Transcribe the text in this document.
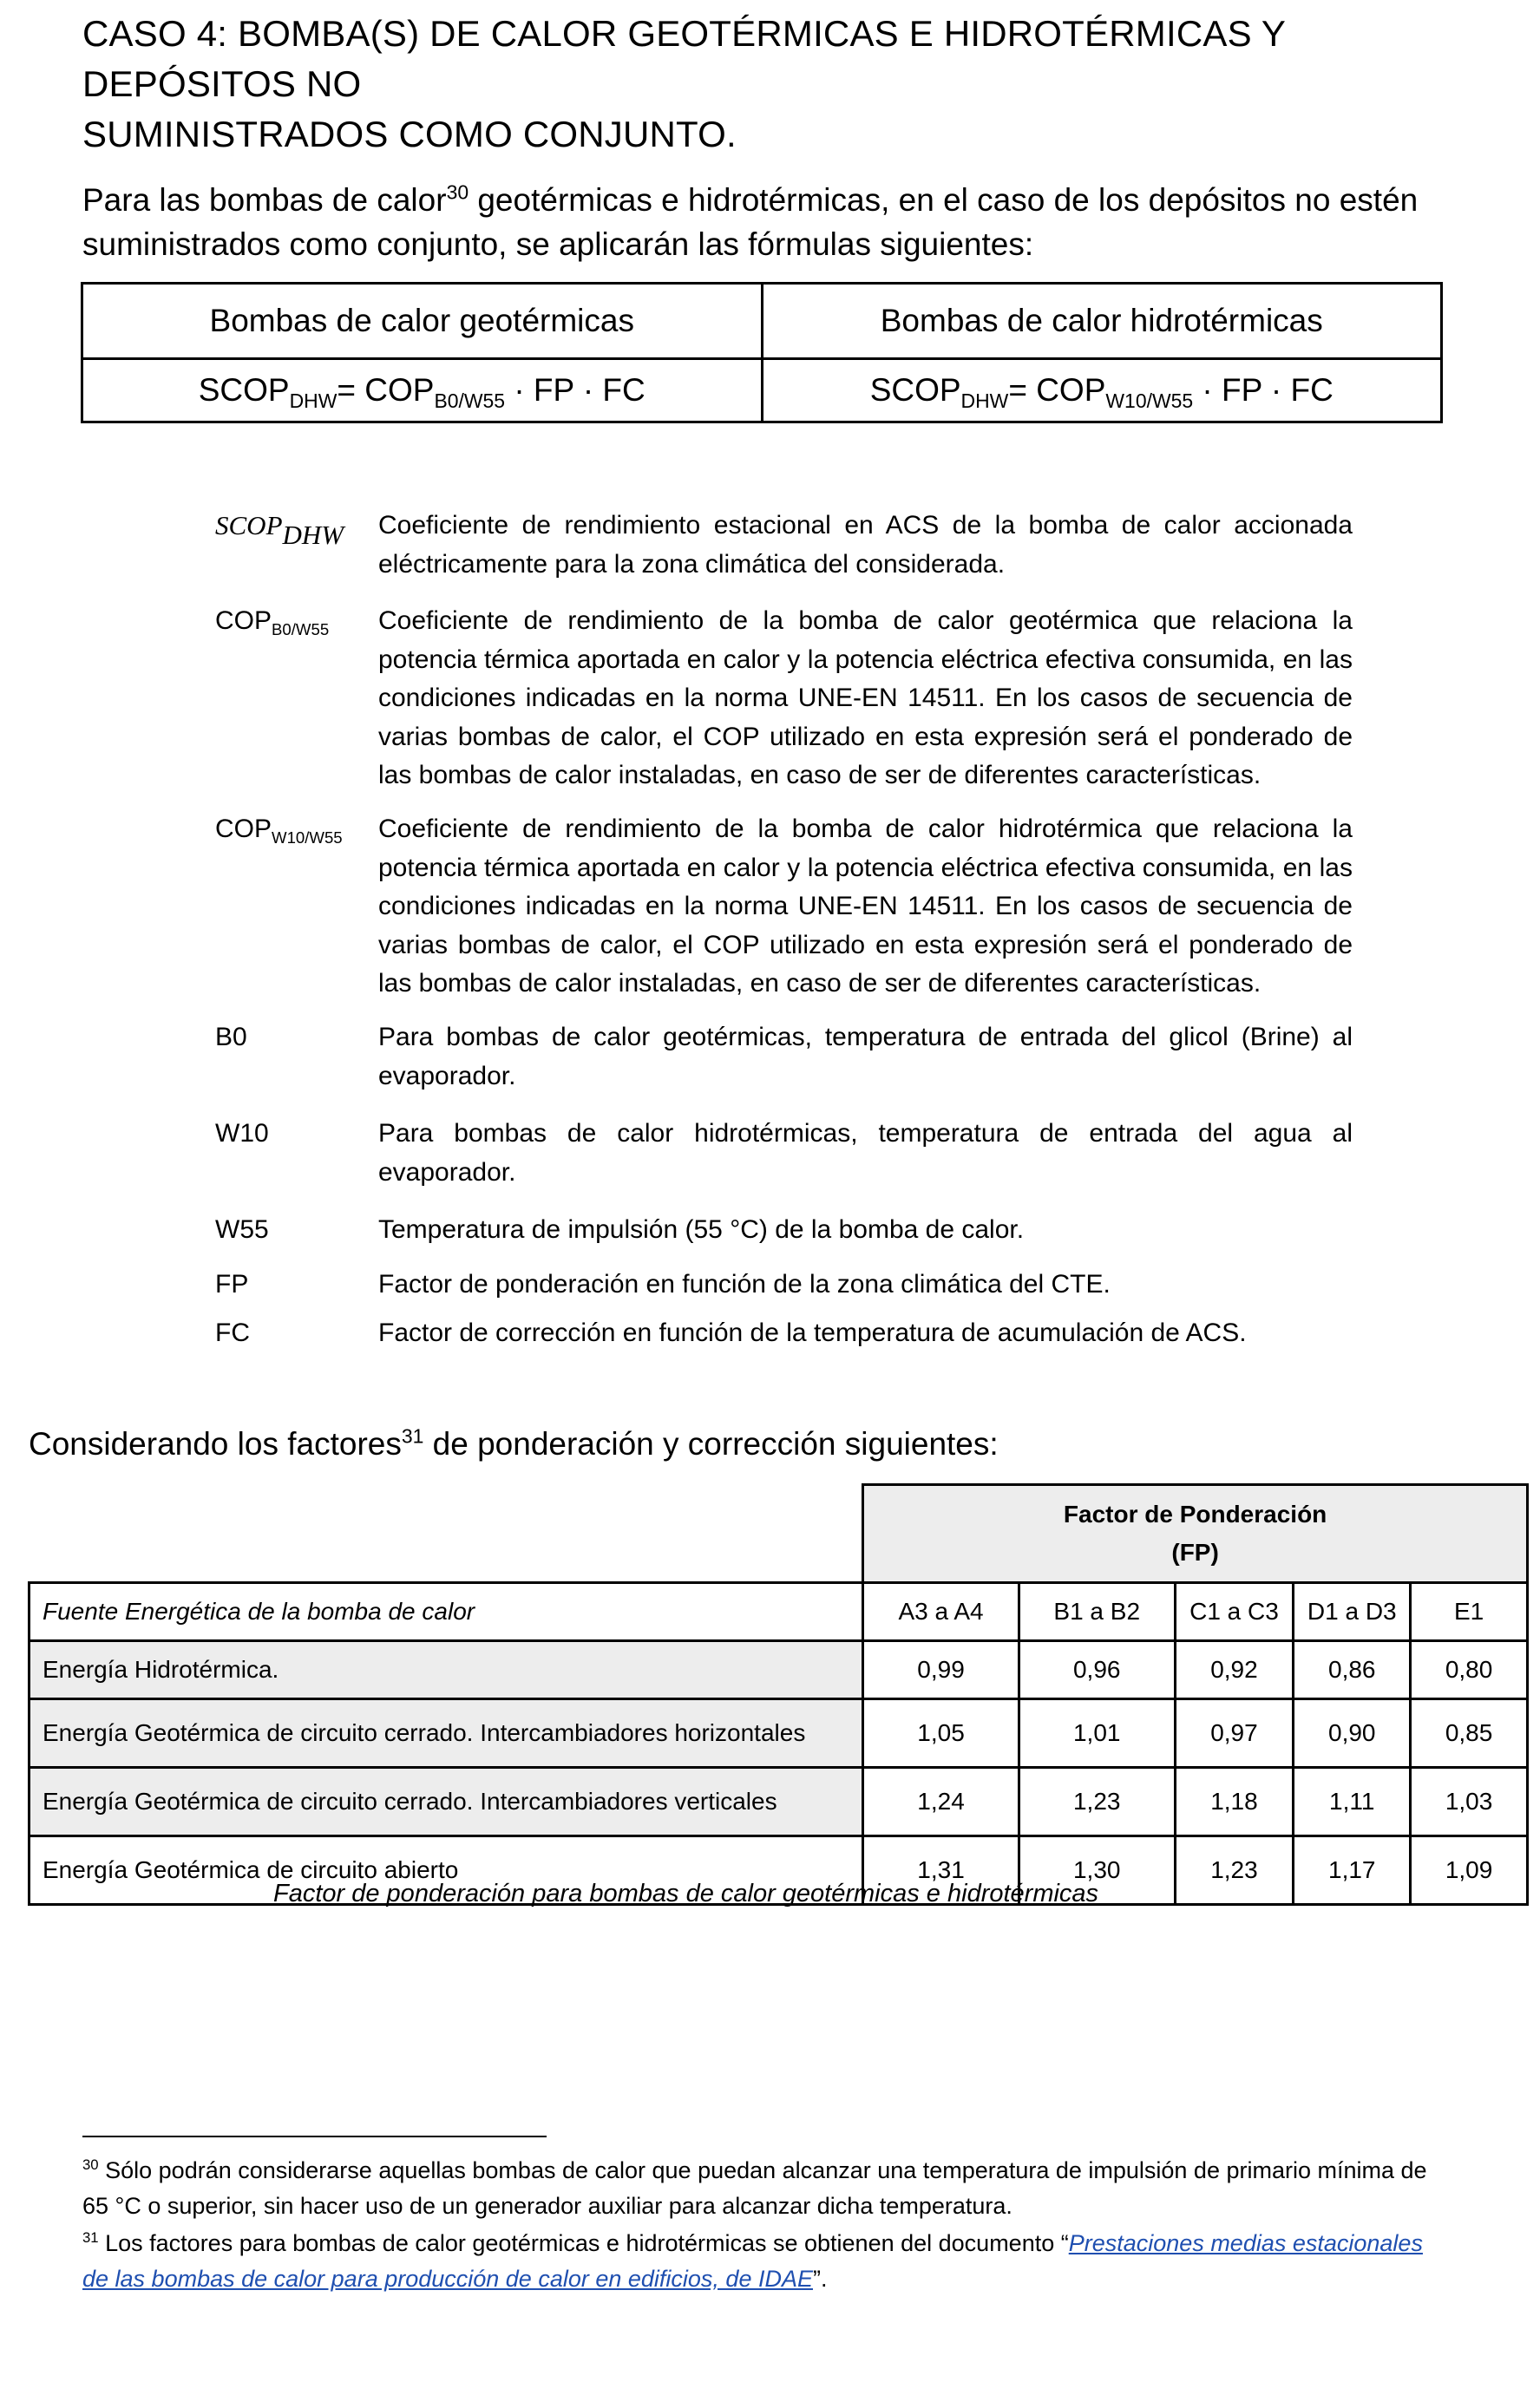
CASO 4: BOMBA(S) DE CALOR GEOTÉRMICAS E HIDROTÉRMICAS Y DEPÓSITOS NO
SUMINISTRADOS COMO CONJUNTO.
Para las bombas de calor$^{30}$ geotérmicas e hidrotérmicas, en el caso de los depósitos no estén suministrados como conjunto, se aplicarán las fórmulas siguientes:
Bombas de calor geotérmicas	Bombas de calor hidrotérmicas
$SCOP_{DHW}= COP_{B0/W55}$ · FP · FC	$SCOP_{DHW}= COP_{W10/W55}$ · FP · FC
$SCOP_{DHW}$ Coeficiente de rendimiento estacional en ACS de la bomba de calor accionada eléctricamente para la zona climática del considerada.
$COP_{B0/W55}$ Coeficiente de rendimiento de la bomba de calor geotérmica que relaciona la potencia térmica aportada en calor y la potencia eléctrica efectiva consumida, en las condiciones indicadas en la norma UNE-EN 14511. En los casos de secuencia de varias bombas de calor, el COP utilizado en esta expresión será el ponderado de las bombas de calor instaladas, en caso de ser de diferentes características.
$COP_{W10/W55}$ Coeficiente de rendimiento de la bomba de calor hidrotérmica que relaciona la potencia térmica aportada en calor y la potencia eléctrica efectiva consumida, en las condiciones indicadas en la norma UNE-EN 14511. En los casos de secuencia de varias bombas de calor, el COP utilizado en esta expresión será el ponderado de las bombas de calor instaladas, en caso de ser de diferentes características.
B0	Para bombas de calor geotérmicas, temperatura de entrada del glicol (Brine) al evaporador.
W10	Para bombas de calor hidrotérmicas, temperatura de entrada del agua al evaporador.
W55	Temperatura de impulsión (55 °C) de la bomba de calor.
FP	Factor de ponderación en función de la zona climática del CTE.
FC	Factor de corrección en función de la temperatura de acumulación de ACS.
Considerando los factores$^{31}$ de ponderación y corrección siguientes:

	Factor de Ponderación
(FP)				

Fuente Energética de la bomba de calor	A3 a A4	B1 a B2	C1 a C3	D1 a D3	E1
Energía Hidrotérmica.	0,99	0,96	0,92	0,86	0,80
Energía Geotérmica de circuito cerrado. Intercambiadores horizontales	1,05	1,01	0,97	0,90	0,85
Energía Geotérmica de circuito cerrado. Intercambiadores verticales	1,24	1,23	1,18	1,11	1,03
Energía Geotérmica de circuito abierto	1,31	1,30	1,23	1,17	1,09
Factor de ponderación para bombas de calor geotérmicas e hidrotérmicas
$^{30}$ Sólo podrán considerarse aquellas bombas de calor que puedan alcanzar una temperatura de impulsión de primario mínima de 65 °C o superior, sin hacer uso de un generador auxiliar para alcanzar dicha temperatura.
$^{31}$ Los factores para bombas de calor geotérmicas e hidrotérmicas se obtienen del documento “Prestaciones medias estacionales de las bombas de calor para producción de calor en edificios, de IDAE”.
